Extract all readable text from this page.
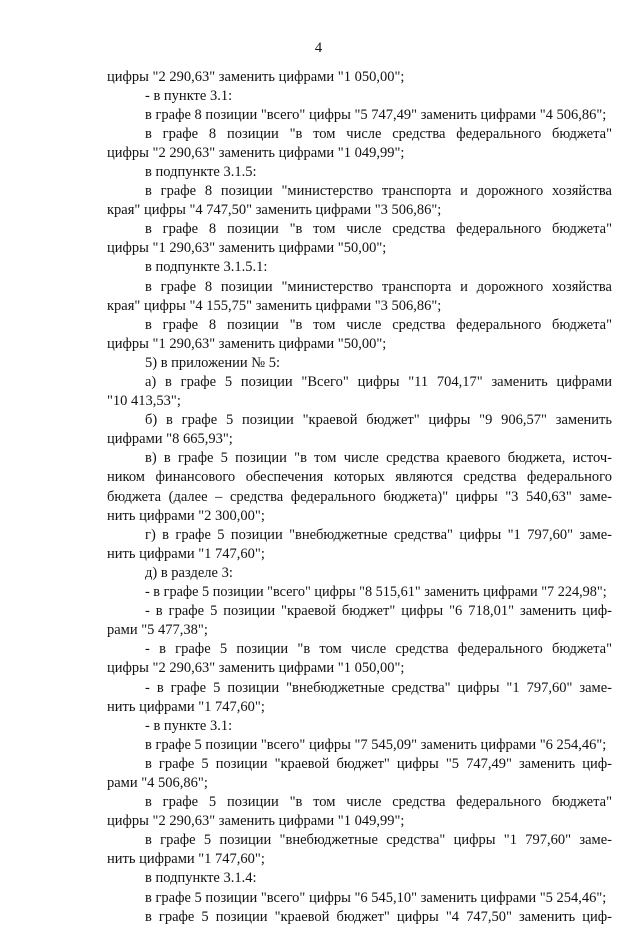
4
цифры "2 290,63" заменить цифрами "1 050,00";
- в пункте 3.1:
в графе 8 позиции "всего" цифры "5 747,49" заменить цифрами "4 506,86";
в графе 8 позиции "в том числе средства федерального бюджета"
цифры "2 290,63" заменить цифрами "1 049,99";
в подпункте 3.1.5:
в графе 8 позиции "министерство транспорта и дорожного хозяйства
края" цифры "4 747,50" заменить цифрами "3 506,86";
в графе 8 позиции "в том числе средства федерального бюджета"
цифры "1 290,63" заменить цифрами "50,00";
в подпункте 3.1.5.1:
в графе 8 позиции "министерство транспорта и дорожного хозяйства
края" цифры "4 155,75" заменить цифрами "3 506,86";
в графе 8 позиции "в том числе средства федерального бюджета"
цифры "1 290,63" заменить цифрами "50,00";
5) в приложении № 5:
а) в графе 5 позиции "Всего" цифры "11 704,17" заменить цифрами
"10 413,53";
б) в графе 5 позиции "краевой бюджет" цифры "9 906,57" заменить
цифрами "8 665,93";
в) в графе 5 позиции "в том числе средства краевого бюджета, источ-
ником финансового обеспечения которых являются средства федерального
бюджета (далее – средства федерального бюджета)" цифры "3 540,63" заме-
нить цифрами "2 300,00";
г) в графе 5 позиции "внебюджетные средства" цифры "1 797,60" заме-
нить цифрами "1 747,60";
д) в разделе 3:
- в графе 5 позиции "всего" цифры "8 515,61" заменить цифрами "7 224,98";
- в графе 5 позиции "краевой бюджет" цифры "6 718,01" заменить циф-
рами "5 477,38";
- в графе 5 позиции "в том числе средства федерального бюджета"
цифры "2 290,63" заменить цифрами "1 050,00";
- в графе 5 позиции "внебюджетные средства" цифры "1 797,60" заме-
нить цифрами "1 747,60";
- в пункте 3.1:
в графе 5 позиции "всего" цифры "7 545,09" заменить цифрами "6 254,46";
в графе 5 позиции "краевой бюджет" цифры "5 747,49" заменить циф-
рами "4 506,86";
в графе 5 позиции "в том числе средства федерального бюджета"
цифры "2 290,63" заменить цифрами "1 049,99";
в графе 5 позиции "внебюджетные средства" цифры "1 797,60" заме-
нить цифрами "1 747,60";
в подпункте 3.1.4:
в графе 5 позиции "всего" цифры "6 545,10" заменить цифрами "5 254,46";
в графе 5 позиции "краевой бюджет" цифры "4 747,50" заменить циф-
